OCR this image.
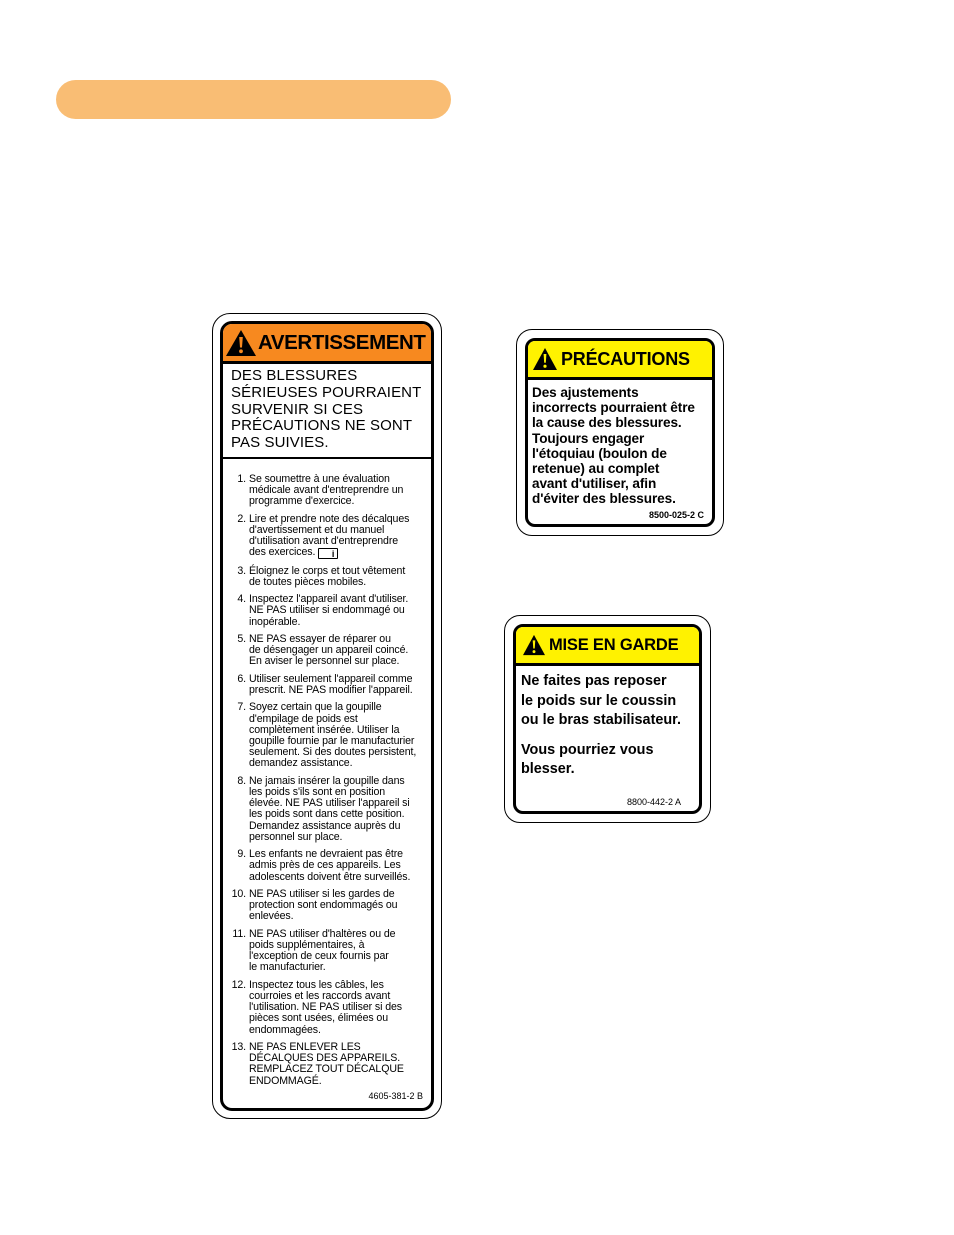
AVERTISSEMENT
DES BLESSURES SÉRIEUSES POURRAIENT SURVENIR SI CES PRÉCAUTIONS NE SONT PAS SUIVIES.
1. Se soumettre à une évaluation
médicale avant d'entreprendre un
programme d'exercice.
2. Lire et prendre note des décalques
d'avertissement et du manuel
d'utilisation avant d'entreprendre
des exercices. i
3. Éloignez le corps et tout vêtement
de toutes pièces mobiles.
4. Inspectez l'appareil avant d'utiliser.
NE PAS utiliser si endommagé ou
inopérable.
5. NE PAS essayer de réparer ou
de désengager un appareil coincé.
En aviser le personnel sur place.
6. Utiliser seulement l'appareil comme
prescrit. NE PAS modifier l'appareil.
7. Soyez certain que la goupille
d'empilage de poids est
complètement insérée. Utiliser la
goupille fournie par le manufacturier
seulement. Si des doutes persistent,
demandez assistance.
8. Ne jamais insérer la goupille dans
les poids s'ils sont en position
élevée. NE PAS utiliser l'appareil si
les poids sont dans cette position.
Demandez assistance auprès du
personnel sur place.
9. Les enfants ne devraient pas être
admis près de ces appareils. Les
adolescents doivent être surveillés.
10. NE PAS utiliser si les gardes de
protection sont endommagés ou
enlevées.
11. NE PAS utiliser d'haltères ou de
poids supplémentaires, à
l'exception de ceux fournis par
le manufacturier.
12. Inspectez tous les câbles, les
courroies et les raccords avant
l'utilisation. NE PAS utiliser si des
pièces sont usées, élimées ou
endommagées.
13. NE PAS ENLEVER LES
DÉCALQUES DES APPAREILS.
REMPLACEZ TOUT DÉCALQUE
ENDOMMAGÉ.
4605-381-2 B
PRÉCAUTIONS
Des ajustements
incorrects pourraient être
la cause des blessures.
Toujours engager
l'étoquiau (boulon de
retenue) au complet
avant d'utiliser, afin
d'éviter des blessures.
8500-025-2 C
MISE EN GARDE
Ne faites pas reposer
le poids sur le coussin
ou le bras stabilisateur.
Vous pourriez vous
blesser.
8800-442-2 A
